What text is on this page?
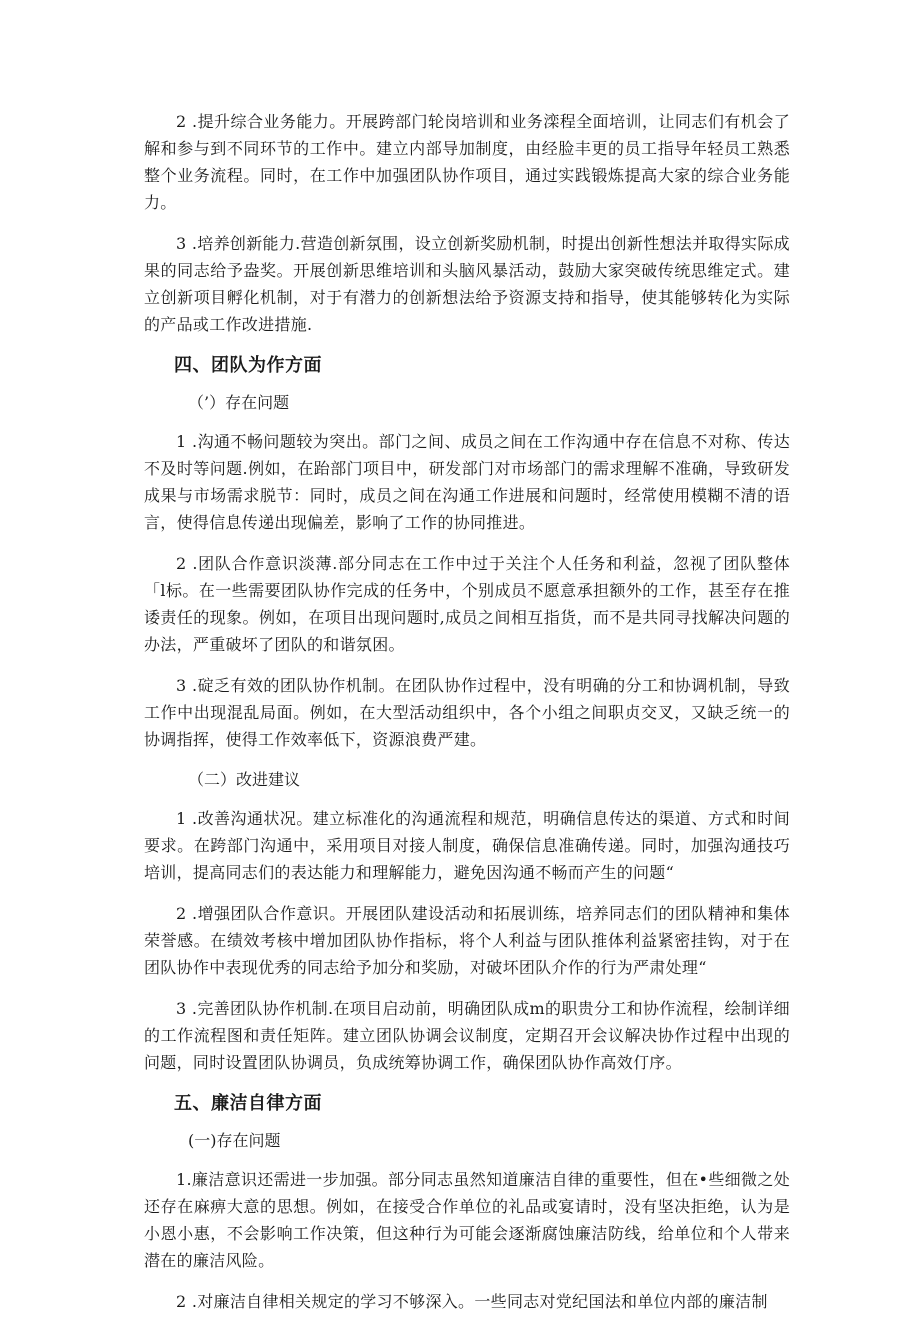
2 .提升综合业务能力。开展跨部门轮岗培训和业务滦程全面培训，让同志们有机会了解和参与到不同环节的工作中。建立内部导加制度，由经脸丰更的员工指导年轻员工熟悉整个业务流程。同时，在工作中加强团队协作项目，通过实践锻炼提高大家的综合业务能力。

3 .培养创新能力.营造创新氛围，设立创新奖励机制，时提出创新性想法并取得实际成果的同志给予盎奖。开展创新思维培训和头脑风暴活动，鼓励大家突破传统思维定式。建立创新项目孵化机制，对于有潜力的创新想法给予资源支持和指导，使其能够转化为实际的产品或工作改进措施.

四、团队为作方面

（’）存在问题

1 .沟通不畅问题较为突出。部门之间、成员之间在工作沟通中存在信息不对称、传达不及时等问题.例如，在跆部门项目中，研发部门对市场部门的需求理解不准确，导致研发成果与市场需求脱节：同时，成员之间在沟通工作进展和问题时，经常使用模糊不清的语言，使得信息传递出现偏差，影响了工作的协同推进。

2 .团队合作意识淡薄.部分同志在工作中过于关注个人任务和利益，忽视了团队整体「l标。在一些需要团队协作完成的任务中，个别成员不愿意承担额外的工作，甚至存在推诿责任的现象。例如，在项目出现问题时,成员之间相互指货，而不是共同寻找解决问题的办法，严重破坏了团队的和谐氛困。

3 .碇乏有效的团队协作机制。在团队协作过程中，没有明确的分工和协调机制，导致工作中出现混乱局面。例如，在大型活动组织中，各个小组之间职贞交叉，又缺乏统一的协调指挥，使得工作效率低下，资源浪费严建。

（二）改进建议

1 .改善沟通状况。建立标准化的沟通流程和规范，明确信息传达的渠道、方式和时间要求。在跨部门沟通中，采用项目对接人制度，确保信息准确传递。同时，加强沟通技巧培训，提高同志们的表达能力和理解能力，避免因沟通不畅而产生的问题“

2 .增强团队合作意识。开展团队建设活动和拓展训练，培养同志们的团队精神和集体荣誉感。在绩效考核中增加团队协作指标，将个人利益与团队推体利益紧密挂钩，对于在团队协作中表现优秀的同志给予加分和奖励，对破坏团队介作的行为严肃处理“

3 .完善团队协作机制.在项目启动前，明确团队成m的职贵分工和协作流程，绘制详细的工作流程图和责任矩阵。建立团队协调会议制度，定期召开会议解决协作过程中出现的问题，同时设置团队协调员，负成统筹协调工作，确保团队协作高效仃序。

五、廉洁自律方面

(一)存在问题

1.廉洁意识还需进一步加强。部分同志虽然知道廉洁自律的重要性，但在•些细微之处还存在麻痹大意的思想。例如，在接受合作单位的礼品或宴请时，没有坚决拒绝，认为是小恩小惠，不会影响工作决策，但这种行为可能会逐渐腐蚀廉洁防线，给单位和个人带来潜在的廉洁风险。

2 .对廉洁自律相关规定的学习不够深入。一些同志对党纪国法和单位内部的廉洁制
